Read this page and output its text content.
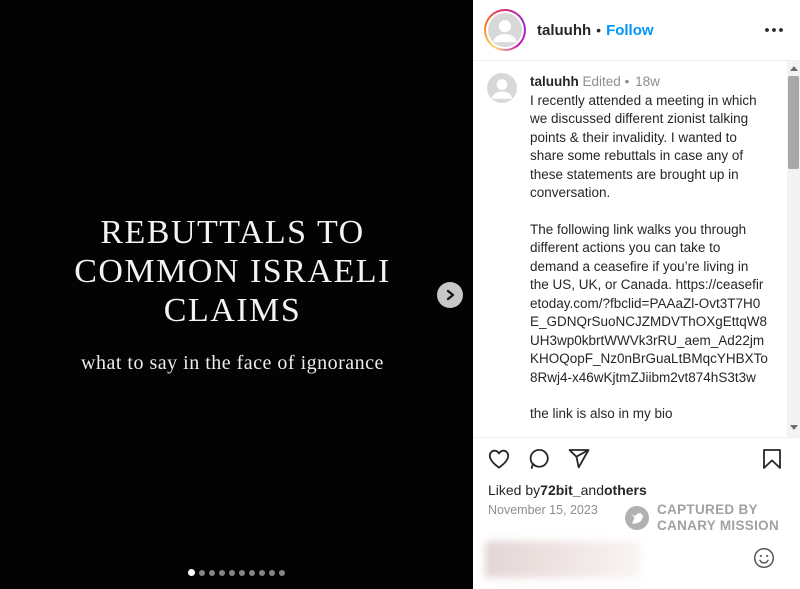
REBUTTALS TO
COMMON ISRAELI
CLAIMS
what to say in the face of ignorance
taluuhh • Follow
taluuhh Edited • 18w

I recently attended a meeting in which we discussed different zionist talking points & their invalidity. I wanted to share some rebuttals in case any of these statements are brought up in conversation.

The following link walks you through different actions you can take to demand a ceasefire if you’re living in the US, UK, or Canada. https://ceasefiretoday.com/?fbclid=PAAaZl-Ovt3T7H0E_GDNQrSuoNCJZMDVThOXgEttqW8UH3wp0kbrtWWVk3rRU_aem_Ad22jmKHOQopF_Nz0nBrGuaLtBMqcYHBXTo8Rwj4-x46wKjtmZJiibm2vt874hS3t3w

the link is also in my bio

Liked by 72bit_ and others
November 15, 2023	CAPTURED BY
CANARY MISSION
